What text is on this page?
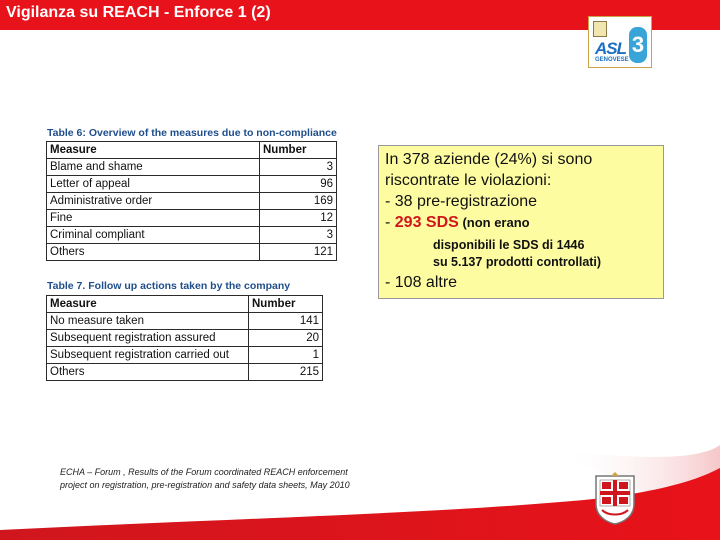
Vigilanza su REACH - Enforce 1 (2)
ASL 3
GENOVESE
Table 6: Overview of the measures due to non-compliance
Measure	Number
Blame and shame	3
Letter of appeal	96
Administrative order	169
Fine	12
Criminal compliant	3
Others	121
Table 7. Follow up actions taken by the company
Measure	Number
No measure taken	141
Subsequent registration assured	20
Subsequent registration carried out	1
Others	215
In 378 aziende (24%) si sono
riscontrate le violazioni:
- 38 pre-registrazione
- 293 SDS (non erano
disponibili le SDS di 1446
su 5.137 prodotti controllati)
- 108 altre
ECHA – Forum , Results of the Forum coordinated REACH enforcement
project on registration, pre-registration and safety data sheets, May 2010
